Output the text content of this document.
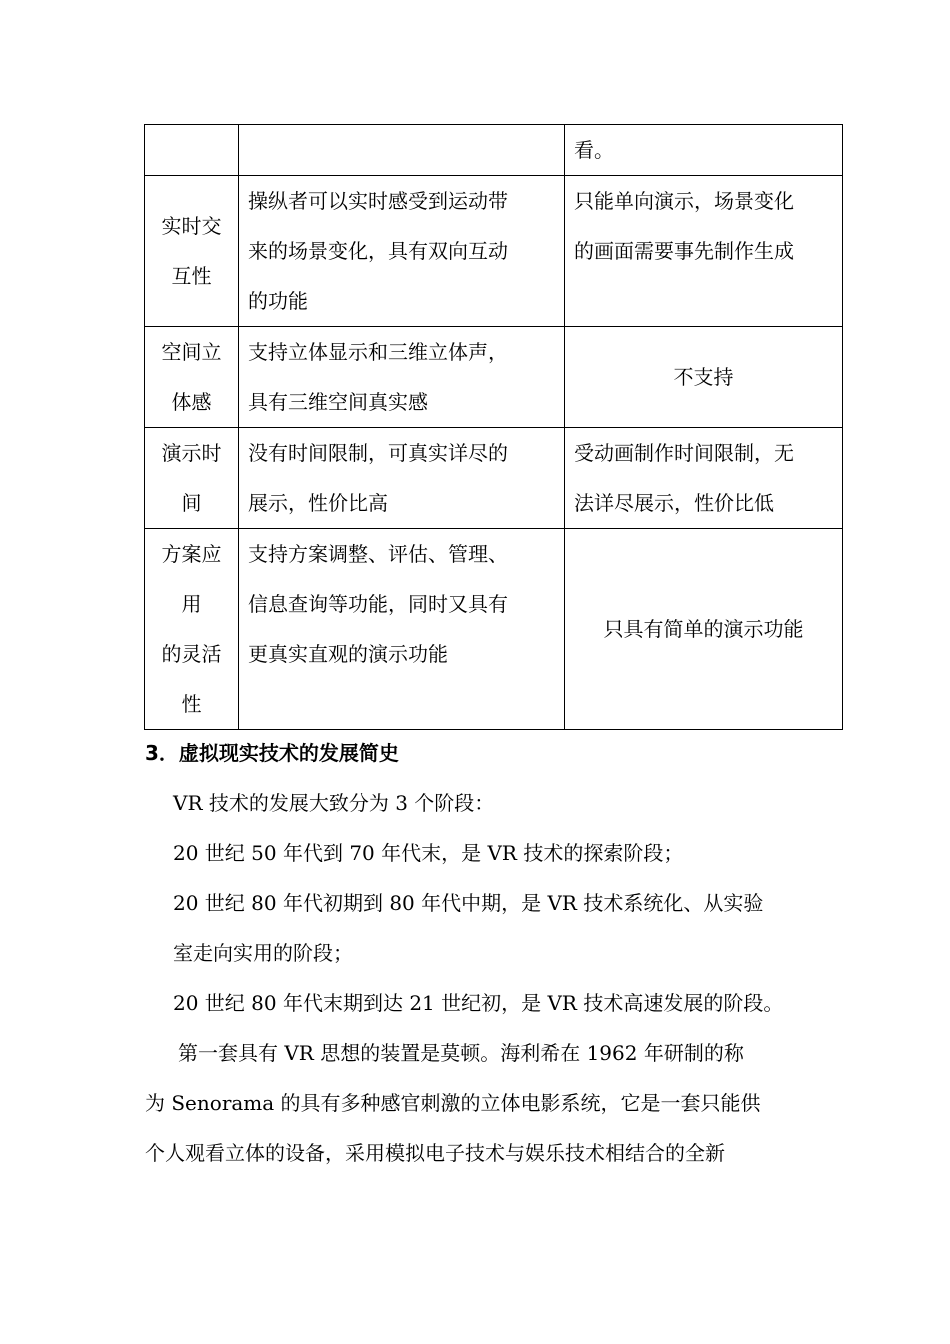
		看。

实时交
互性	操纵者可以实时感受到运动带
来的场景变化，具有双向互动
的功能	只能单向演示，场景变化
的画面需要事先制作生成

空间立
体感	支持立体显示和三维立体声，
具有三维空间真实感	不支持

演示时
间	没有时间限制，可真实详尽的
展示，性价比高	受动画制作时间限制，无
法详尽展示，性价比低

方案应
用
的灵活
性	支持方案调整、评估、管理、
信息查询等功能，同时又具有
更真实直观的演示功能	只具有简单的演示功能
3．虚拟现实技术的发展简史
VR 技术的发展大致分为 3 个阶段：
20 世纪 50 年代到 70 年代末，是 VR 技术的探索阶段；
20 世纪 80 年代初期到 80 年代中期，是 VR 技术系统化、从实验
室走向实用的阶段；
20 世纪 80 年代末期到达 21 世纪初，是 VR 技术高速发展的阶段。
第一套具有 VR 思想的装置是莫顿。海利希在 1962 年研制的称
为 Senorama 的具有多种感官刺激的立体电影系统，它是一套只能供
个人观看立体的设备，采用模拟电子技术与娱乐技术相结合的全新
